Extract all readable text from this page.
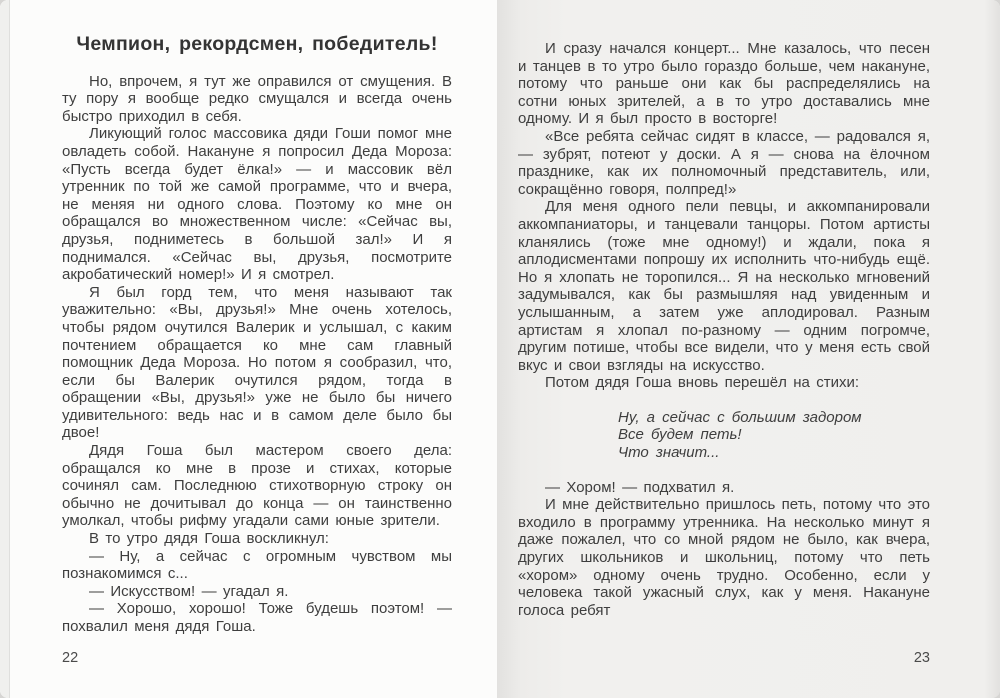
Чемпион, рекордсмен, победитель!

Но, впрочем, я тут же оправился от смущения. В ту пору я вообще редко смущался и всегда очень быстро приходил в себя.

Ликующий голос массовика дяди Гоши помог мне овладеть собой. Накануне я попросил Деда Мороза: «Пусть всегда будет ёлка!» — и массовик вёл утренник по той же самой программе, что и вчера, не меняя ни одного слова. Поэтому ко мне он обращался во множественном числе: «Сейчас вы, друзья, подниметесь в большой зал!» И я поднимался. «Сейчас вы, друзья, посмотрите акробатический номер!» И я смотрел.

Я был горд тем, что меня называют так уважительно: «Вы, друзья!» Мне очень хотелось, чтобы рядом очутился Валерик и услышал, с каким почтением обращается ко мне сам главный помощник Деда Мороза. Но потом я сообразил, что, если бы Валерик очутился рядом, тогда в обращении «Вы, друзья!» уже не было бы ничего удивительного: ведь нас и в самом деле было бы двое!

Дядя Гоша был мастером своего дела: обращался ко мне в прозе и стихах, которые сочинял сам. Последнюю стихотворную строку он обычно не дочитывал до конца — он таинственно умолкал, чтобы рифму угадали сами юные зрители.

В то утро дядя Гоша воскликнул:

— Ну, а сейчас с огромным чувством мы познакомимся с...

— Искусством! — угадал я.

— Хорошо, хорошо! Тоже будешь поэтом! — похвалил меня дядя Гоша.

И сразу начался концерт... Мне казалось, что песен и танцев в то утро было гораздо больше, чем накануне, потому что раньше они как бы распределялись на сотни юных зрителей, а в то утро доставались мне одному. И я был просто в восторге!

«Все ребята сейчас сидят в классе, — радовался я, — зубрят, потеют у доски. А я — снова на ёлочном празднике, как их полномочный представитель, или, сокращённо говоря, полпред!»

Для меня одного пели певцы, и аккомпанировали аккомпаниаторы, и танцевали танцоры. Потом артисты кланялись (тоже мне одному!) и ждали, пока я аплодисментами попрошу их исполнить что-нибудь ещё. Но я хлопать не торопился... Я на несколько мгновений задумывался, как бы размышляя над увиденным и услышанным, а затем уже аплодировал. Разным артистам я хлопал по-разному — одним погромче, другим потише, чтобы все видели, что у меня есть свой вкус и свои взгляды на искусство.

Потом дядя Гоша вновь перешёл на стихи:

Ну, а сейчас с большим задором
Все будем петь!
Что значит...

— Хором! — подхватил я.

И мне действительно пришлось петь, потому что это входило в программу утренника. На несколько минут я даже пожалел, что со мной рядом не было, как вчера, других школьников и школьниц, потому что петь «хором» одному очень трудно. Особенно, если у человека такой ужасный слух, как у меня. Накануне голоса ребят

22	23
